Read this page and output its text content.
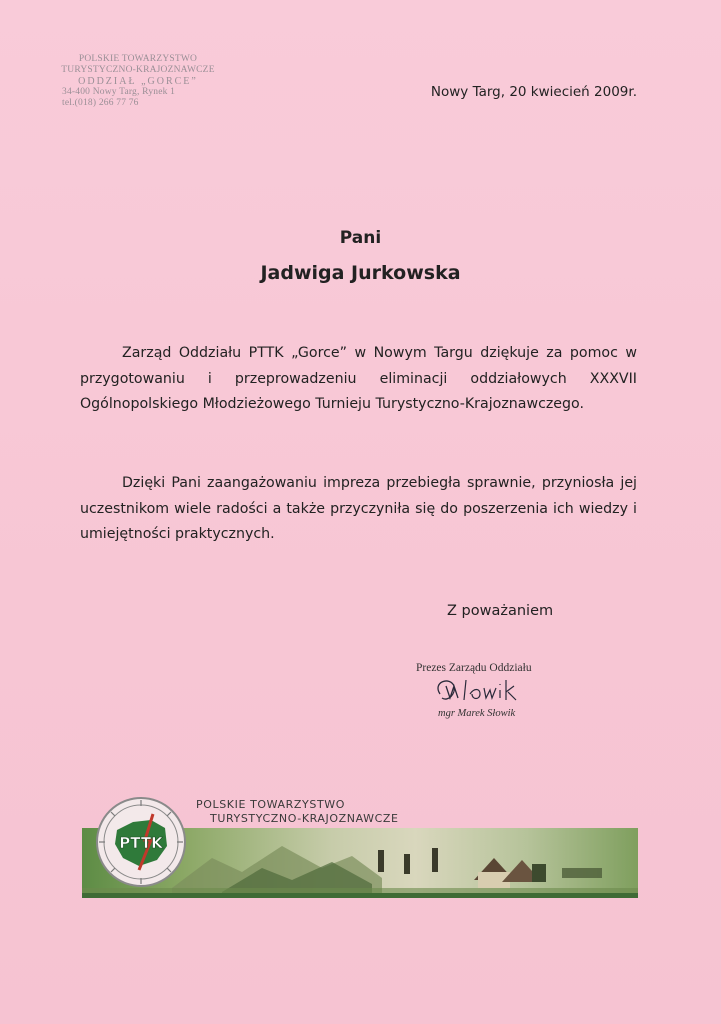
POLSKIE TOWARZYSTWO
TURYSTYCZNO-KRAJOZNAWCZE
ODDZIAŁ „GORCE”
34-400 Nowy Targ, Rynek 1
tel.(018) 266 77 76
Nowy Targ, 20 kwiecień 2009r.
Pani
Jadwiga Jurkowska
Zarząd Oddziału PTTK „Gorce” w Nowym Targu dziękuje za pomoc w przygotowaniu i przeprowadzeniu eliminacji oddziałowych XXXVII Ogólnopolskiego Młodzieżowego Turnieju Turystyczno-Krajoznawczego.
Dzięki Pani zaangażowaniu impreza przebiegła sprawnie, przyniosła jej uczestnikom wiele radości a także przyczyniła się do poszerzenia ich wiedzy i umiejętności praktycznych.
Z poważaniem
Prezes Zarządu Oddziału
mgr Marek Słowik
POLSKIE TOWARZYSTWO
TURYSTYCZNO-KRAJOZNAWCZE
PTTK
